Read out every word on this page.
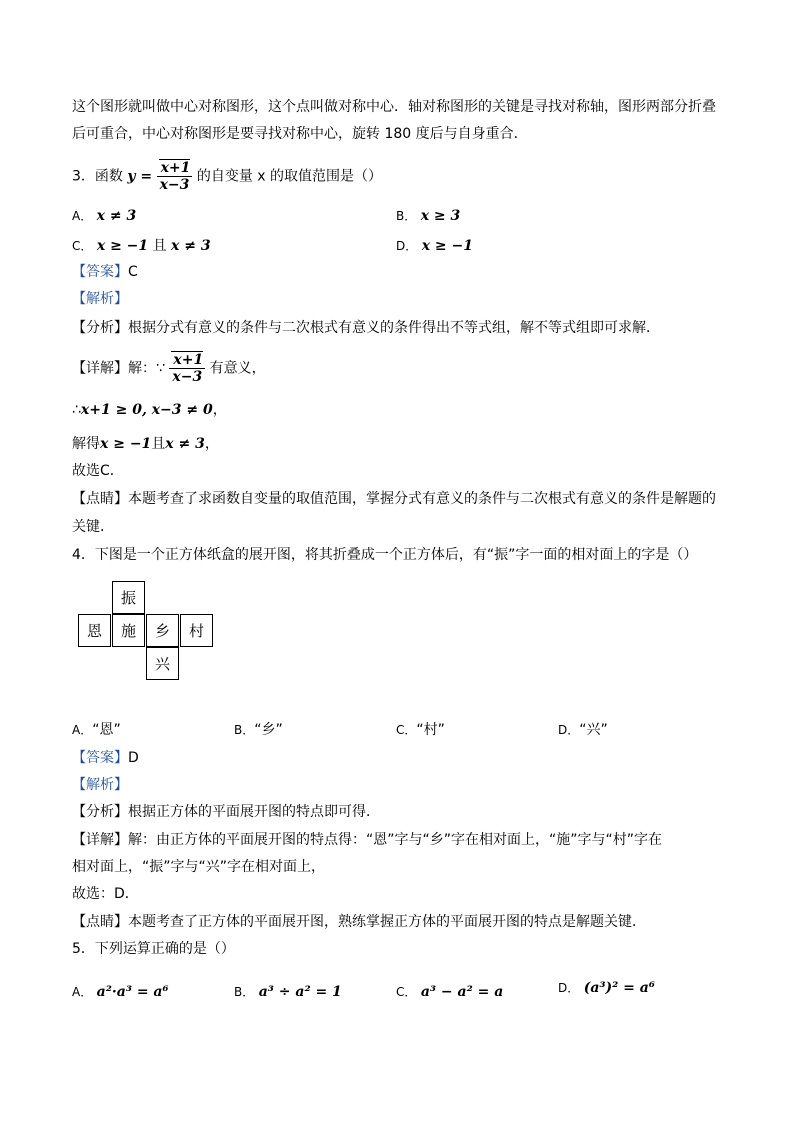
这个图形就叫做中心对称图形，这个点叫做对称中心．轴对称图形的关键是寻找对称轴，图形两部分折叠
后可重合，中心对称图形是要寻找对称中心，旋转 180 度后与自身重合．
3．函数 $y = \frac{x+1}{x-3}$ 的自变量 x 的取值范围是（）
A． x ≠ 3	B． x ≥ 3
C． x ≥ −1 且 x ≠ 3	D． x ≥ −1
【答案】C
【解析】
【分析】根据分式有意义的条件与二次根式有意义的条件得出不等式组，解不等式组即可求解．
【详解】解：∵ $\frac{x+1}{x-3}$ 有意义，
∴x+1 ≥ 0, x−3 ≠ 0，
解得x ≥ −1且x ≠ 3，
故选C．
【点睛】本题考查了求函数自变量的取值范围，掌握分式有意义的条件与二次根式有意义的条件是解题的
关键．
4．下图是一个正方体纸盒的展开图，将其折叠成一个正方体后，有“振”字一面的相对面上的字是（）
振
恩	施	乡	村
兴
A．“恩”	B．“乡”	C．“村”	D．“兴”
【答案】D
【解析】
【分析】根据正方体的平面展开图的特点即可得．
【详解】解：由正方体的平面展开图的特点得：“恩”字与“乡”字在相对面上，“施”字与“村”字在
相对面上，“振”字与“兴”字在相对面上，
故选：D．
【点睛】本题考查了正方体的平面展开图，熟练掌握正方体的平面展开图的特点是解题关键．
5．下列运算正确的是（）
A． a²·a³ = a⁶	B． a³ ÷ a² = 1	C． a³ − a² = a	D． (a³)² = a⁶
